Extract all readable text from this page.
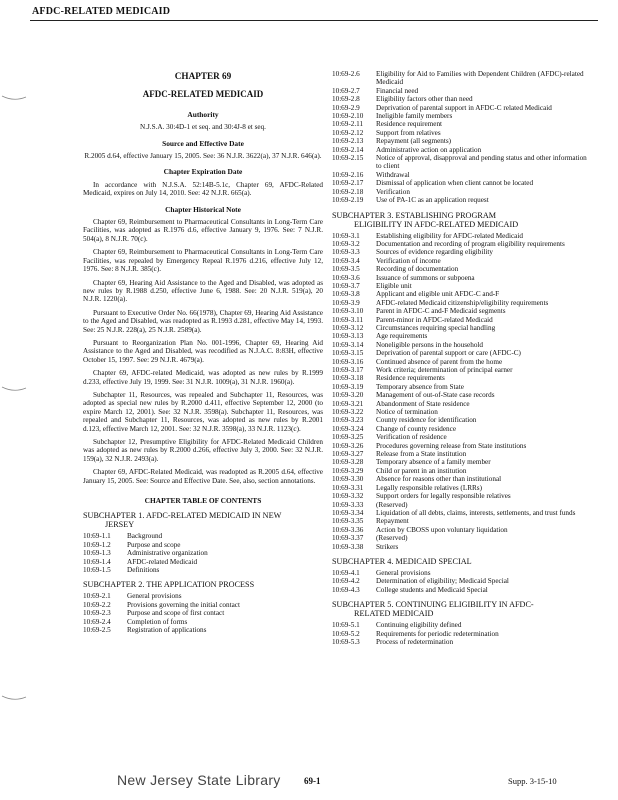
AFDC-RELATED MEDICAID
CHAPTER 69
AFDC-RELATED MEDICAID
Authority
N.J.S.A. 30:4D-1 et seq. and 30:4J-8 et seq.
Source and Effective Date
R.2005 d.64, effective January 15, 2005. See: 36 N.J.R. 3622(a), 37 N.J.R. 646(a).
Chapter Expiration Date
In accordance with N.J.S.A. 52:14B-5.1c, Chapter 69, AFDC-Related Medicaid, expires on July 14, 2010. See: 42 N.J.R. 665(a).
Chapter Historical Note
Chapter 69, Reimbursement to Pharmaceutical Consultants in Long-Term Care Facilities, was adopted as R.1976 d.6, effective January 9, 1976. See: 7 N.J.R. 504(a), 8 N.J.R. 70(c).
Chapter 69, Reimbursement to Pharmaceutical Consultants in Long-Term Care Facilities, was repealed by Emergency Repeal R.1976 d.216, effective July 12, 1976. See: 8 N.J.R. 385(c).
Chapter 69, Hearing Aid Assistance to the Aged and Disabled, was adopted as new rules by R.1988 d.250, effective June 6, 1988. See: 20 N.J.R. 519(a), 20 N.J.R. 1220(a).
Pursuant to Executive Order No. 66(1978), Chapter 69, Hearing Aid Assistance to the Aged and Disabled, was readopted as R.1993 d.281, effective May 14, 1993. See: 25 N.J.R. 228(a), 25 N.J.R. 2589(a).
Pursuant to Reorganization Plan No. 001-1996, Chapter 69, Hearing Aid Assistance to the Aged and Disabled, was recodified as N.J.A.C. 8:83H, effective October 15, 1997. See: 29 N.J.R. 4679(a).
Chapter 69, AFDC-related Medicaid, was adopted as new rules by R.1999 d.233, effective July 19, 1999. See: 31 N.J.R. 1009(a), 31 N.J.R. 1960(a).
Subchapter 11, Resources, was repealed and Subchapter 11, Resources, was adopted as special new rules by R.2000 d.411, effective September 12, 2000 (to expire March 12, 2001). See: 32 N.J.R. 3598(a). Subchapter 11, Resources, was repealed and Subchapter 11, Resources, was adopted as new rules by R.2001 d.123, effective March 12, 2001. See: 32 N.J.R. 3598(a), 33 N.J.R. 1123(c).
Subchapter 12, Presumptive Eligibility for AFDC-Related Medicaid Children was adopted as new rules by R.2000 d.266, effective July 3, 2000. See: 32 N.J.R. 159(a), 32 N.J.R. 2493(a).
Chapter 69, AFDC-Related Medicaid, was readopted as R.2005 d.64, effective January 15, 2005. See: Source and Effective Date. See, also, section annotations.
CHAPTER TABLE OF CONTENTS
SUBCHAPTER 1. AFDC-RELATED MEDICAID IN NEW
JERSEY
10:69-1.1	Background
10:69-1.2	Purpose and scope
10:69-1.3	Administrative organization
10:69-1.4	AFDC-related Medicaid
10:69-1.5	Definitions
SUBCHAPTER 2. THE APPLICATION PROCESS
10:69-2.1	General provisions
10:69-2.2	Provisions governing the initial contact
10:69-2.3	Purpose and scope of first contact
10:69-2.4	Completion of forms
10:69-2.5	Registration of applications
10:69-2.6	Eligibility for Aid to Families with Dependent Children (AFDC)-related Medicaid
10:69-2.7	Financial need
10:69-2.8	Eligibility factors other than need
10:69-2.9	Deprivation of parental support in AFDC-C related Medicaid
10:69-2.10	Ineligible family members
10:69-2.11	Residence requirement
10:69-2.12	Support from relatives
10:69-2.13	Repayment (all segments)
10:69-2.14	Administrative action on application
10:69-2.15	Notice of approval, disapproval and pending status and other information to client
10:69-2.16	Withdrawal
10:69-2.17	Dismissal of application when client cannot be located
10:69-2.18	Verification
10:69-2.19	Use of PA-1C as an application request
SUBCHAPTER 3. ESTABLISHING PROGRAM
ELIGIBILITY IN AFDC-RELATED MEDICAID
10:69-3.1	Establishing eligibility for AFDC-related Medicaid
10:69-3.2	Documentation and recording of program eligibility requirements
10:69-3.3	Sources of evidence regarding eligibility
10:69-3.4	Verification of income
10:69-3.5	Recording of documentation
10:69-3.6	Issuance of summons or subpoena
10:69-3.7	Eligible unit
10:69-3.8	Applicant and eligible unit AFDC-C and-F
10:69-3.9	AFDC-related Medicaid citizenship/eligibility requirements
10:69-3.10	Parent in AFDC-C and-F Medicaid segments
10:69-3.11	Parent-minor in AFDC-related Medicaid
10:69-3.12	Circumstances requiring special handling
10:69-3.13	Age requirements
10:69-3.14	Noneligible persons in the household
10:69-3.15	Deprivation of parental support or care (AFDC-C)
10:69-3.16	Continued absence of parent from the home
10:69-3.17	Work criteria; determination of principal earner
10:69-3.18	Residence requirements
10:69-3.19	Temporary absence from State
10:69-3.20	Management of out-of-State case records
10:69-3.21	Abandonment of State residence
10:69-3.22	Notice of termination
10:69-3.23	County residence for identification
10:69-3.24	Change of county residence
10:69-3.25	Verification of residence
10:69-3.26	Procedures governing release from State institutions
10:69-3.27	Release from a State institution
10:69-3.28	Temporary absence of a family member
10:69-3.29	Child or parent in an institution
10:69-3.30	Absence for reasons other than institutional
10:69-3.31	Legally responsible relatives (LRRs)
10:69-3.32	Support orders for legally responsible relatives
10:69-3.33	(Reserved)
10:69-3.34	Liquidation of all debts, claims, interests, settlements, and trust funds
10:69-3.35	Repayment
10:69-3.36	Action by CBOSS upon voluntary liquidation
10:69-3.37	(Reserved)
10:69-3.38	Strikers
SUBCHAPTER 4. MEDICAID SPECIAL
10:69-4.1	General provisions
10:69-4.2	Determination of eligibility; Medicaid Special
10:69-4.3	College students and Medicaid Special
SUBCHAPTER 5. CONTINUING ELIGIBILITY IN AFDC-
RELATED MEDICAID
10:69-5.1	Continuing eligibility defined
10:69-5.2	Requirements for periodic redetermination
10:69-5.3	Process of redetermination
New Jersey State Library	69-1	Supp. 3-15-10
